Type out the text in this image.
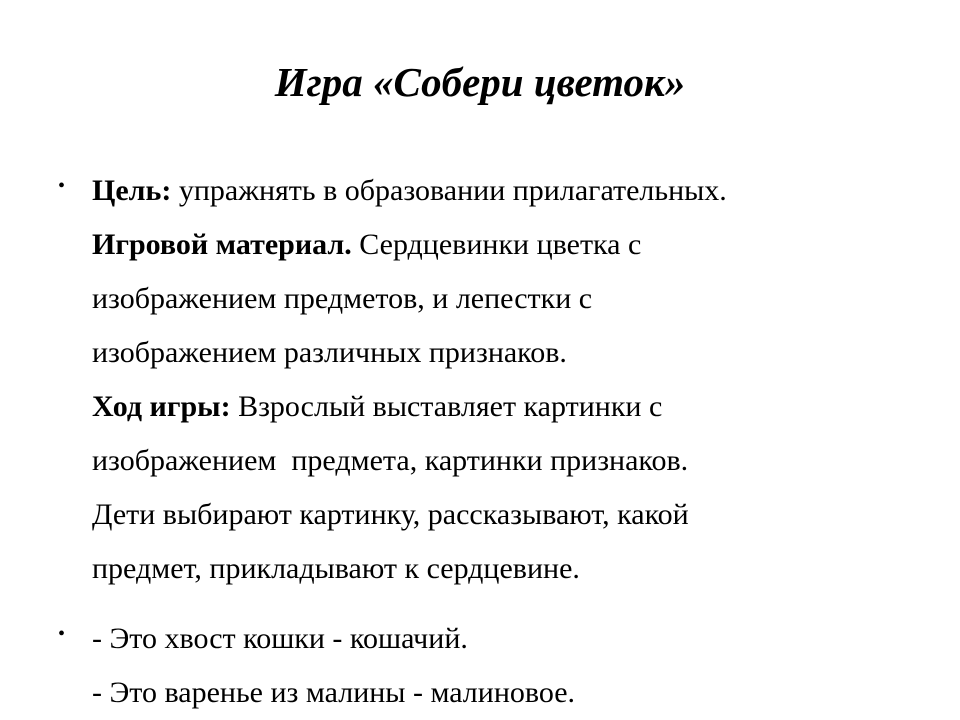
Игра «Собери цветок»
• Цель: упражнять в образовании прилагательных.
Игровой материал. Сердцевинки цветка с
изображением предметов, и лепестки с
изображением различных признаков.
Ход игры: Взрослый выставляет картинки с
изображением  предмета, картинки признаков.
Дети выбирают картинку, рассказывают, какой
предмет, прикладывают к сердцевине.
• - Это хвост кошки - кошачий.
- Это варенье из малины - малиновое.
